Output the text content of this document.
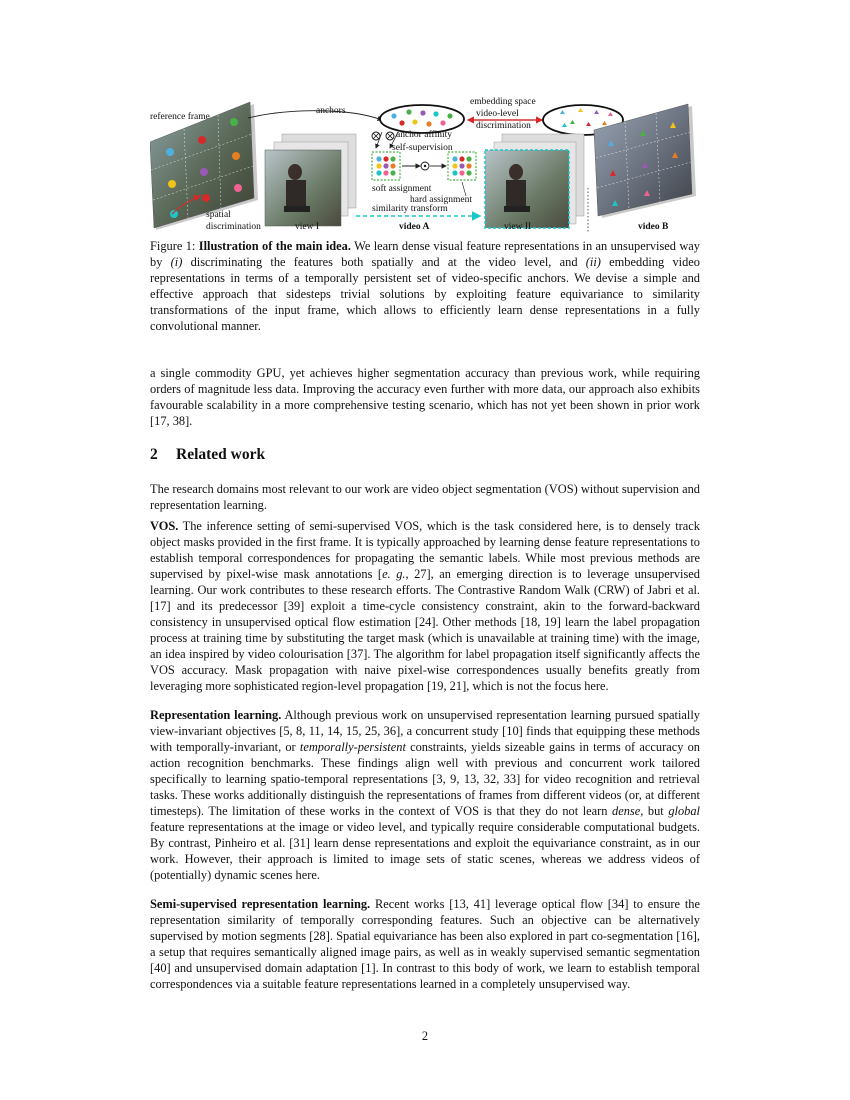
reference frame
anchors
embedding space
video-level
discrimination
anchor affinity
self-supervision
soft assignment
hard assignment
similarity transform
spatial
discrimination	view I	video A	view II	video B

Figure 1: Illustration of the main idea. We learn dense visual feature representations in an unsupervised way by (i) discriminating the features both spatially and at the video level, and (ii) embedding video representations in terms of a temporally persistent set of video-specific anchors. We devise a simple and effective approach that sidesteps trivial solutions by exploiting feature equivariance to similarity transformations of the input frame, which allows to efficiently learn dense representations in a fully convolutional manner.

a single commodity GPU, yet achieves higher segmentation accuracy than previous work, while requiring orders of magnitude less data. Improving the accuracy even further with more data, our approach also exhibits favourable scalability in a more comprehensive testing scenario, which has not yet been shown in prior work [17, 38].

2 Related work

The research domains most relevant to our work are video object segmentation (VOS) without supervision and representation learning.

VOS. The inference setting of semi-supervised VOS, which is the task considered here, is to densely track object masks provided in the first frame. It is typically approached by learning dense feature representations to establish temporal correspondences for propagating the semantic labels. While most previous methods are supervised by pixel-wise mask annotations [e. g., 27], an emerging direction is to leverage unsupervised learning. Our work contributes to these research efforts. The Contrastive Random Walk (CRW) of Jabri et al. [17] and its predecessor [39] exploit a time-cycle consistency constraint, akin to the forward-backward consistency in unsupervised optical flow estimation [24]. Other methods [18, 19] learn the label propagation process at training time by substituting the target mask (which is unavailable at training time) with the image, an idea inspired by video colourisation [37]. The algorithm for label propagation itself significantly affects the VOS accuracy. Mask propagation with naive pixel-wise correspondences usually benefits greatly from leveraging more sophisticated region-level propagation [19, 21], which is not the focus here.

Representation learning. Although previous work on unsupervised representation learning pursued spatially view-invariant objectives [5, 8, 11, 14, 15, 25, 36], a concurrent study [10] finds that equipping these methods with temporally-invariant, or temporally-persistent constraints, yields sizeable gains in terms of accuracy on action recognition benchmarks. These findings align well with previous and concurrent work tailored specifically to learning spatio-temporal representations [3, 9, 13, 32, 33] for video recognition and retrieval tasks. These works additionally distinguish the representations of frames from different videos (or, at different timesteps). The limitation of these works in the context of VOS is that they do not learn dense, but global feature representations at the image or video level, and typically require considerable computational budgets. By contrast, Pinheiro et al. [31] learn dense representations and exploit the equivariance constraint, as in our work. However, their approach is limited to image sets of static scenes, whereas we address videos of (potentially) dynamic scenes here.

Semi-supervised representation learning. Recent works [13, 41] leverage optical flow [34] to ensure the representation similarity of temporally corresponding features. Such an objective can be alternatively supervised by motion segments [28]. Spatial equivariance has been also explored in part co-segmentation [16], a setup that requires semantically aligned image pairs, as well as in weakly supervised semantic segmentation [40] and unsupervised domain adaptation [1]. In contrast to this body of work, we learn to establish temporal correspondences via a suitable feature representations learned in a completely unsupervised way.

2
